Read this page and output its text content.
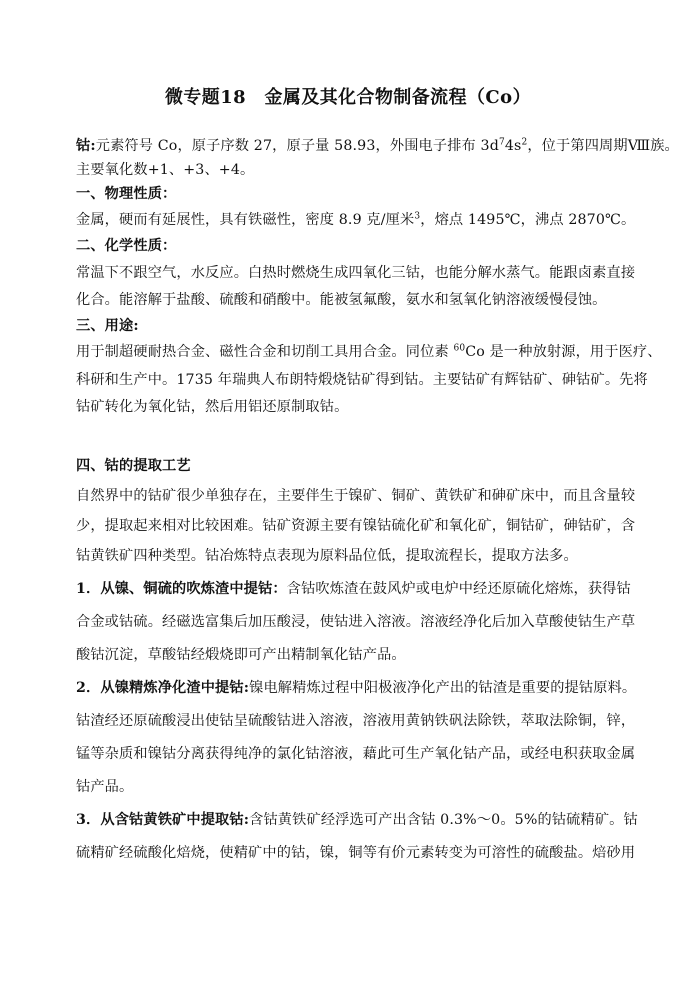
微专题18　金属及其化合物制备流程（Co）
钴:元素符号 Co，原子序数 27，原子量 58.93，外围电子排布 $3d^74s^2$，位于第四周期Ⅷ族。
主要氧化数+1、+3、+4。
一、物理性质：
金属，硬而有延展性，具有铁磁性，密度 8.9 克/厘米$^3$，熔点 1495℃，沸点 2870℃。
二、化学性质：
常温下不跟空气，水反应。白热时燃烧生成四氧化三钴，也能分解水蒸气。能跟卤素直接
化合。能溶解于盐酸、硫酸和硝酸中。能被氢氟酸，氨水和氢氧化钠溶液缓慢侵蚀。
三、用途:
用于制超硬耐热合金、磁性合金和切削工具用合金。同位素 $^{60}$Co 是一种放射源，用于医疗、
科研和生产中。1735 年瑞典人布朗特煅烧钴矿得到钴。主要钴矿有辉钴矿、砷钴矿。先将
钴矿转化为氧化钴，然后用铝还原制取钴。
四、钴的提取工艺
自然界中的钴矿很少单独存在，主要伴生于镍矿、铜矿、黄铁矿和砷矿床中，而且含量较
少，提取起来相对比较困难。钴矿资源主要有镍钴硫化矿和氧化矿，铜钴矿，砷钴矿，含
钴黄铁矿四种类型。钴冶炼特点表现为原料品位低，提取流程长，提取方法多。
1．从镍、铜硫的吹炼渣中提钴：含钴吹炼渣在鼓风炉或电炉中经还原硫化熔炼，获得钴
合金或钴硫。经磁选富集后加压酸浸，使钴进入溶液。溶液经净化后加入草酸使钴生产草
酸钴沉淀，草酸钴经煅烧即可产出精制氧化钴产品。
2．从镍精炼净化渣中提钴:镍电解精炼过程中阳极液净化产出的钴渣是重要的提钴原料。
钴渣经还原硫酸浸出使钴呈硫酸钴进入溶液，溶液用黄钠铁矾法除铁，萃取法除铜，锌，
锰等杂质和镍钴分离获得纯净的氯化钴溶液，藉此可生产氧化钴产品，或经电积获取金属
钴产品。
3．从含钴黄铁矿中提取钴:含钴黄铁矿经浮选可产出含钴 0.3%～0。5%的钴硫精矿。钴
硫精矿经硫酸化焙烧，使精矿中的钴，镍，铜等有价元素转变为可溶性的硫酸盐。焙砂用
